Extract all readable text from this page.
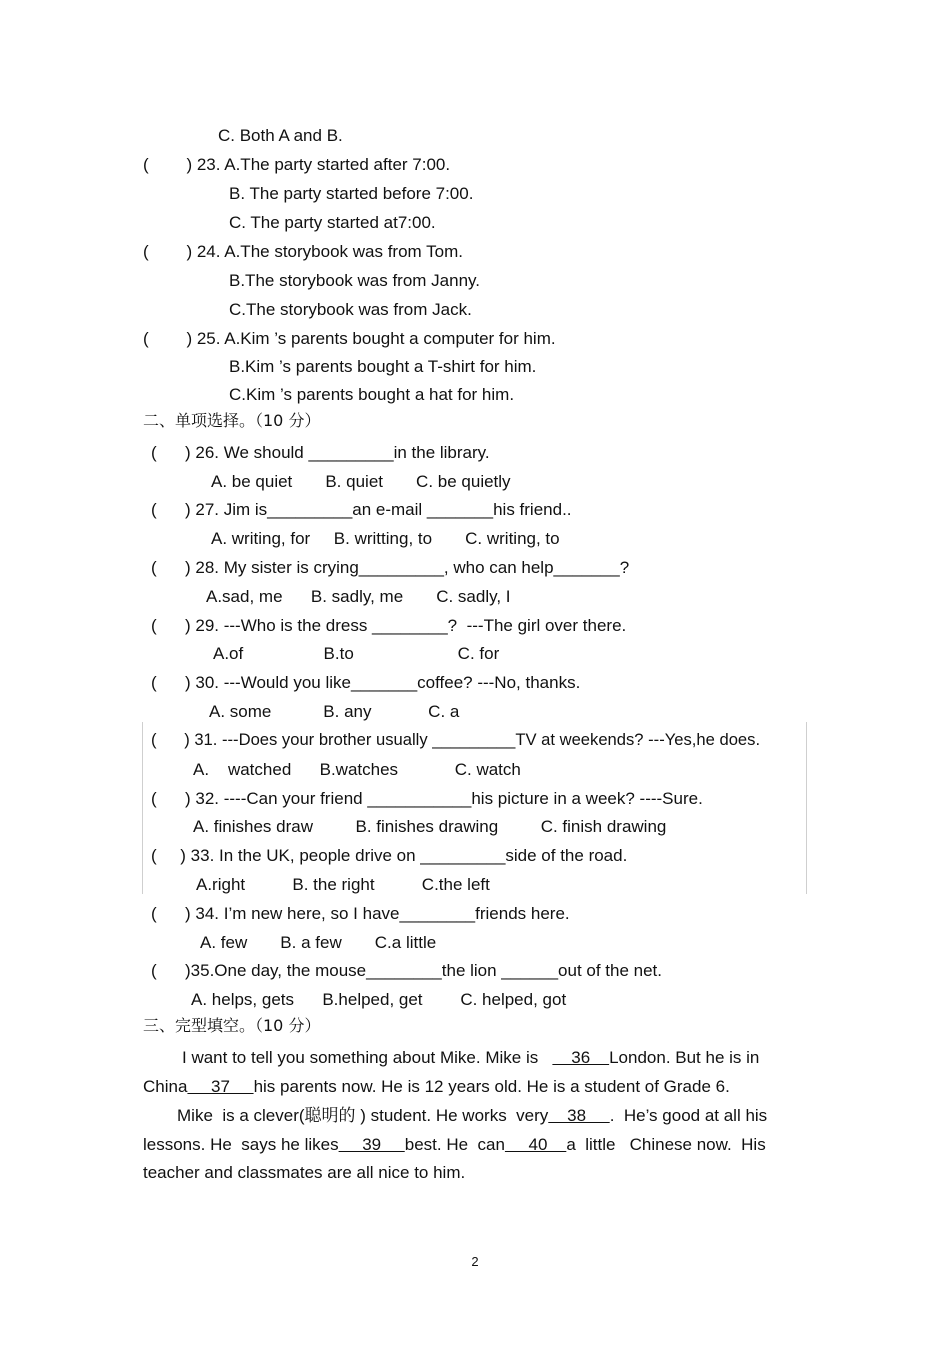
C. Both A and B.
(        ) 23. A.The party started after 7:00.
B. The party started before 7:00.
C. The party started at7:00.
(        ) 24. A.The storybook was from Tom.
B.The storybook was from Janny.
C.The storybook was from Jack.
(        ) 25. A.Kim ’s parents bought a computer for him.
B.Kim ’s parents bought a T-shirt for him.
C.Kim ’s parents bought a hat for him.
二、单项选择。（10 分）
(      ) 26. We should _________in the library.
A. be quiet       B. quiet       C. be quietly
(      ) 27. Jim is_________an e-mail _______his friend..
A. writing, for     B. writting, to       C. writing, to
(      ) 28. My sister is crying_________, who can help_______?
A.sad, me      B. sadly, me       C. sadly, I
(      ) 29. ---Who is the dress ________?  ---The girl over there.
A.of                 B.to                      C. for
(      ) 30. ---Would you like_______coffee? ---No, thanks.
A. some           B. any            C. a
(      ) 31. ---Does your brother usually _________TV at weekends? ---Yes,he does.
A.    watched      B.watches            C. watch
(      ) 32. ----Can your friend ___________his picture in a week? ----Sure.
A. finishes draw         B. finishes drawing         C. finish drawing
(     ) 33. In the UK, people drive on _________side of the road.
A.right          B. the right          C.the left
(      ) 34. I’m new here, so I have________friends here.
A. few       B. a few       C.a little
(      )35.One day, the mouse________the lion ______out of the net.
A. helps, gets      B.helped, get        C. helped, got
三、完型填空。（10 分）
I want to tell you something about Mike. Mike is       36    London. But he is in
China     37     his parents now. He is 12 years old. He is a student of Grade 6.
Mike  is a clever(聪明的 ) student. He works  very    38     .  He’s good at all his
lessons. He  says he likes     39     best. He  can     40    a  little   Chinese now.  His
teacher and classmates are all nice to him.
2
